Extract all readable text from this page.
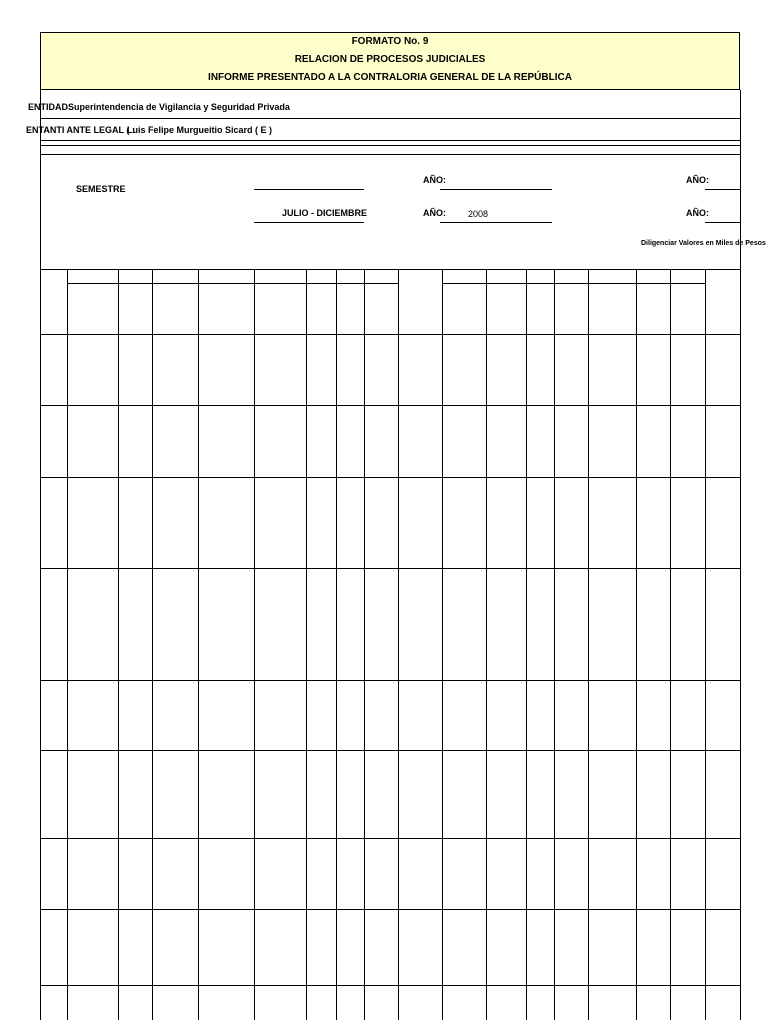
FORMATO No. 9
RELACION DE PROCESOS JUDICIALES
INFORME PRESENTADO A LA CONTRALORIA GENERAL DE LA REPÚBLICA
ENTIDAD Superintendencia de Vigilancia y Seguridad Privada
ENTANTI ANTE LEGAL ( :
Luis Felipe Murgueitio Sicard ( E )
SEMESTRE
AÑO:	AÑO:
JULIO - DICIEMBRE	AÑO: 2008	AÑO:
Diligenciar Valores en Miles de Pesos
